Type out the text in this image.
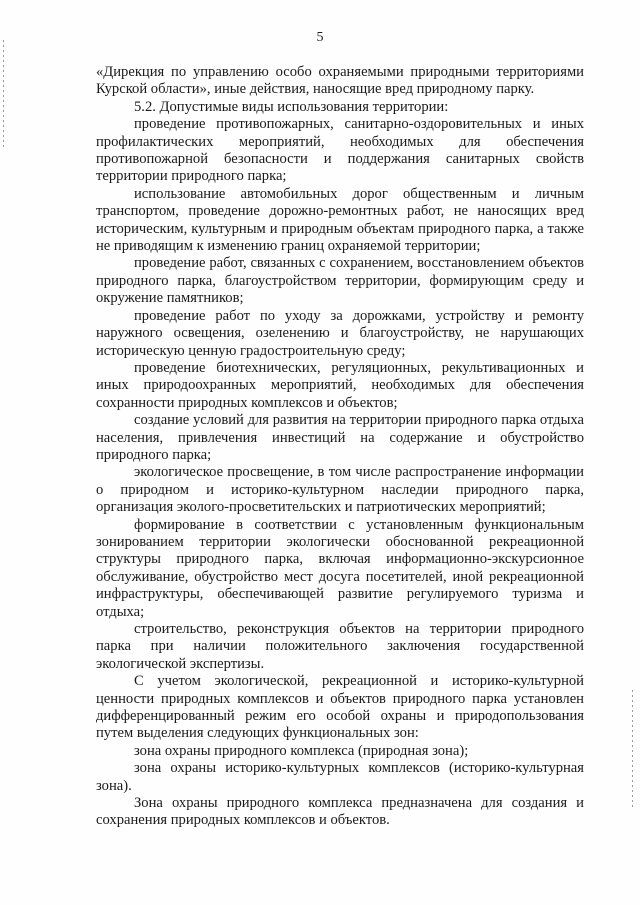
5

«Дирекция по управлению особо охраняемыми природными территориями Курской области», иные действия, наносящие вред природному парку.

5.2. Допустимые виды использования территории:

проведение противопожарных, санитарно-оздоровительных и иных профилактических мероприятий, необходимых для обеспечения противопожарной безопасности и поддержания санитарных свойств территории природного парка;

использование автомобильных дорог общественным и личным транспортом, проведение дорожно-ремонтных работ, не наносящих вред историческим, культурным и природным объектам природного парка, а также не приводящим к изменению границ охраняемой территории;

проведение работ, связанных с сохранением, восстановлением объектов природного парка, благоустройством территории, формирующим среду и окружение памятников;

проведение работ по уходу за дорожками, устройству и ремонту наружного освещения, озеленению и благоустройству, не нарушающих историческую ценную градостроительную среду;

проведение биотехнических, регуляционных, рекультивационных и иных природоохранных мероприятий, необходимых для обеспечения сохранности природных комплексов и объектов;

создание условий для развития на территории природного парка отдыха населения, привлечения инвестиций на содержание и обустройство природного парка;

экологическое просвещение, в том числе распространение информации о природном и историко-культурном наследии природного парка, организация эколого-просветительских и патриотических мероприятий;

формирование в соответствии с установленным функциональным зонированием территории экологически обоснованной рекреационной структуры природного парка, включая информационно-экскурсионное обслуживание, обустройство мест досуга посетителей, иной рекреационной инфраструктуры, обеспечивающей развитие регулируемого туризма и отдыха;

строительство, реконструкция объектов на территории природного парка при наличии положительного заключения государственной экологической экспертизы.

С учетом экологической, рекреационной и историко-культурной ценности природных комплексов и объектов природного парка установлен дифференцированный режим его особой охраны и природопользования путем выделения следующих функциональных зон:

зона охраны природного комплекса (природная зона);

зона охраны историко-культурных комплексов (историко-культурная зона).

Зона охраны природного комплекса предназначена для создания и сохранения природных комплексов и объектов.
